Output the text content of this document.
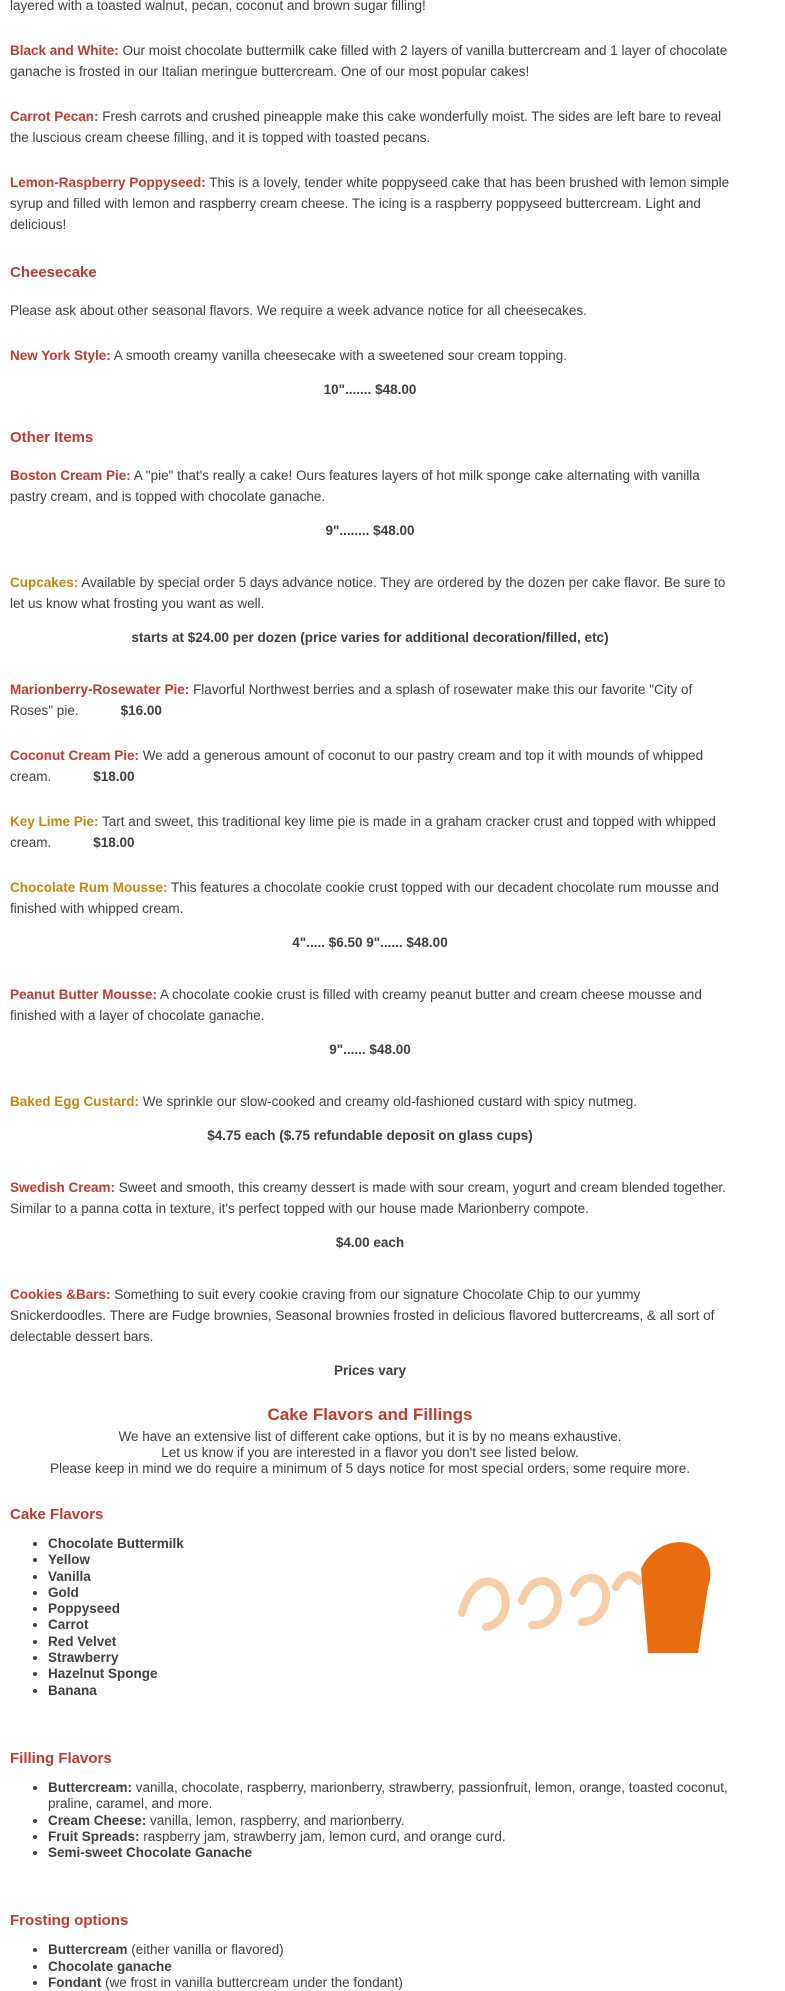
layered with a toasted walnut, pecan, coconut and brown sugar filling!

Black and White: Our moist chocolate buttermilk cake filled with 2 layers of vanilla buttercream and 1 layer of chocolate ganache is frosted in our Italian meringue buttercream. One of our most popular cakes!

Carrot Pecan: Fresh carrots and crushed pineapple make this cake wonderfully moist. The sides are left bare to reveal the luscious cream cheese filling, and it is topped with toasted pecans.

Lemon-Raspberry Poppyseed: This is a lovely, tender white poppyseed cake that has been brushed with lemon simple syrup and filled with lemon and raspberry cream cheese. The icing is a raspberry poppyseed buttercream. Light and delicious!

Cheesecake

Please ask about other seasonal flavors. We require a week advance notice for all cheesecakes.

New York Style: A smooth creamy vanilla cheesecake with a sweetened sour cream topping.

10"....... $48.00

Other Items

Boston Cream Pie: A "pie" that's really a cake! Ours features layers of hot milk sponge cake alternating with vanilla pastry cream, and is topped with chocolate ganache.

9"........ $48.00

Cupcakes: Available by special order 5 days advance notice. They are ordered by the dozen per cake flavor. Be sure to let us know what frosting you want as well.

starts at $24.00 per dozen (price varies for additional decoration/filled, etc)

Marionberry-Rosewater Pie: Flavorful Northwest berries and a splash of rosewater make this our favorite "City of Roses" pie.	$16.00

Coconut Cream Pie: We add a generous amount of coconut to our pastry cream and top it with mounds of whipped cream.	$18.00

Key Lime Pie: Tart and sweet, this traditional key lime pie is made in a graham cracker crust and topped with whipped cream.	$18.00

Chocolate Rum Mousse: This features a chocolate cookie crust topped with our decadent chocolate rum mousse and finished with whipped cream.

4"..... $6.50 9"...... $48.00

Peanut Butter Mousse: A chocolate cookie crust is filled with creamy peanut butter and cream cheese mousse and finished with a layer of chocolate ganache.

9"...... $48.00

Baked Egg Custard: We sprinkle our slow-cooked and creamy old-fashioned custard with spicy nutmeg.

$4.75 each ($.75 refundable deposit on glass cups)

Swedish Cream: Sweet and smooth, this creamy dessert is made with sour cream, yogurt and cream blended together. Similar to a panna cotta in texture, it's perfect topped with our house made Marionberry compote.

$4.00 each

Cookies &Bars: Something to suit every cookie craving from our signature Chocolate Chip to our yummy Snickerdoodles. There are Fudge brownies, Seasonal brownies frosted in delicious flavored buttercreams, & all sort of delectable dessert bars.

Prices vary

Cake Flavors and Fillings

We have an extensive list of different cake options, but it is by no means exhaustive.

Let us know if you are interested in a flavor you don't see listed below.

Please keep in mind we do require a minimum of 5 days notice for most special orders, some require more.

Cake Flavors
• Chocolate Buttermilk
• Yellow
• Vanilla
• Gold
• Poppyseed
• Carrot
• Red Velvet
• Strawberry
• Hazelnut Sponge
• Banana
Filling Flavors
• Buttercream: vanilla, chocolate, raspberry, marionberry, strawberry, passionfruit, lemon, orange, toasted coconut, praline, caramel, and more.
• Cream Cheese: vanilla, lemon, raspberry, and marionberry.
• Fruit Spreads: raspberry jam, strawberry jam, lemon curd, and orange curd.
• Semi-sweet Chocolate Ganache
Frosting options
• Buttercream (either vanilla or flavored)
• Chocolate ganache
• Fondant (we frost in vanilla buttercream under the fondant)
